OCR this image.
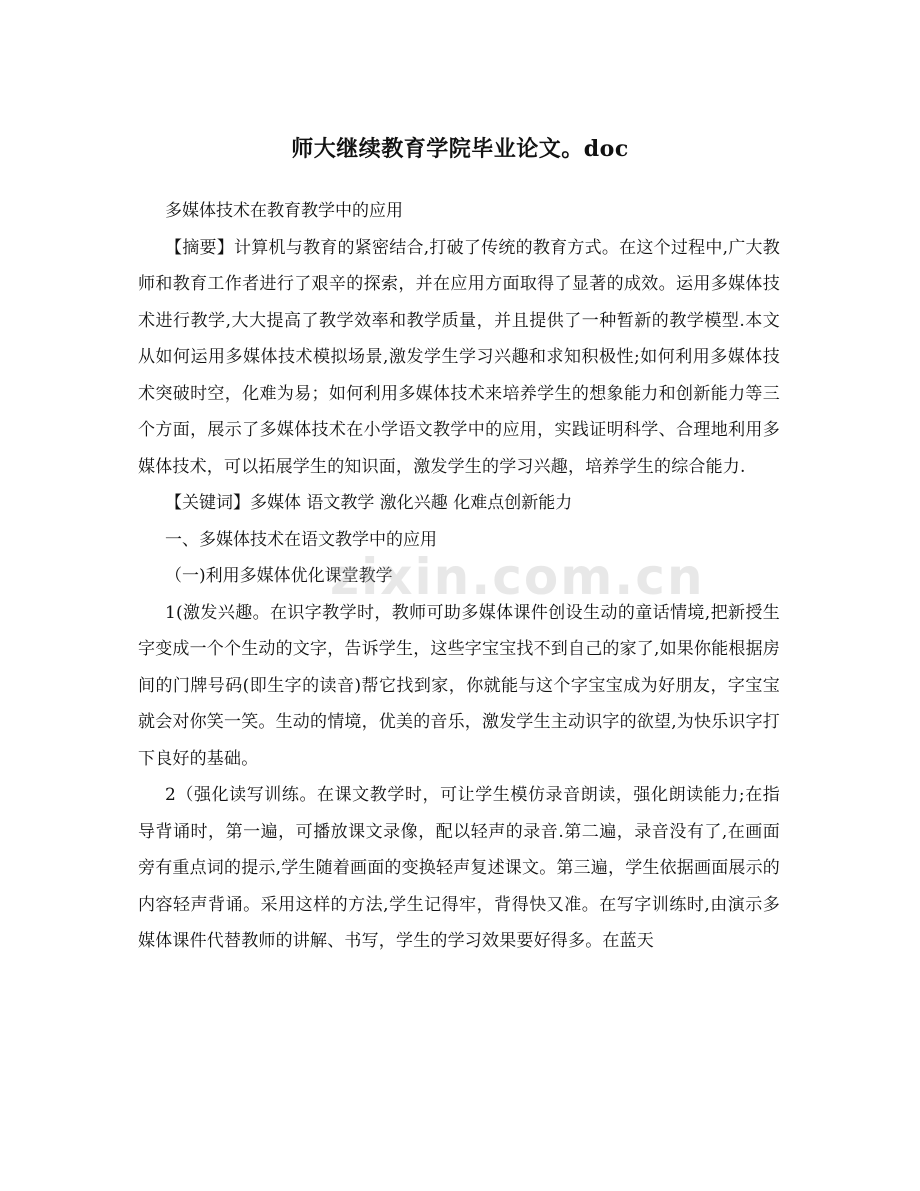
师大继续教育学院毕业论文。doc

多媒体技术在教育教学中的应用

【摘要】计算机与教育的紧密结合,打破了传统的教育方式。在这个过程中,广大教师和教育工作者进行了艰辛的探索，并在应用方面取得了显著的成效。运用多媒体技术进行教学,大大提高了教学效率和教学质量，并且提供了一种暂新的教学模型.本文从如何运用多媒体技术模拟场景,激发学生学习兴趣和求知积极性;如何利用多媒体技术突破时空，化难为易；如何利用多媒体技术来培养学生的想象能力和创新能力等三个方面，展示了多媒体技术在小学语文教学中的应用，实践证明科学、合理地利用多媒体技术，可以拓展学生的知识面，激发学生的学习兴趣，培养学生的综合能力.

【关键词】多媒体 语文教学 激化兴趣 化难点创新能力

一、多媒体技术在语文教学中的应用

（一)利用多媒体优化课堂教学

1(激发兴趣。在识字教学时，教师可助多媒体课件创设生动的童话情境,把新授生字变成一个个生动的文字，告诉学生，这些字宝宝找不到自己的家了,如果你能根据房间的门牌号码(即生字的读音)帮它找到家，你就能与这个字宝宝成为好朋友，字宝宝就会对你笑一笑。生动的情境，优美的音乐，激发学生主动识字的欲望,为快乐识字打下良好的基础。

2（强化读写训练。在课文教学时，可让学生模仿录音朗读，强化朗读能力;在指导背诵时，第一遍，可播放课文录像，配以轻声的录音.第二遍，录音没有了,在画面旁有重点词的提示,学生随着画面的变换轻声复述课文。第三遍，学生依据画面展示的内容轻声背诵。采用这样的方法,学生记得牢，背得快又准。在写字训练时,由演示多媒体课件代替教师的讲解、书写，学生的学习效果要好得多。在蓝天

zixin.com.cn
